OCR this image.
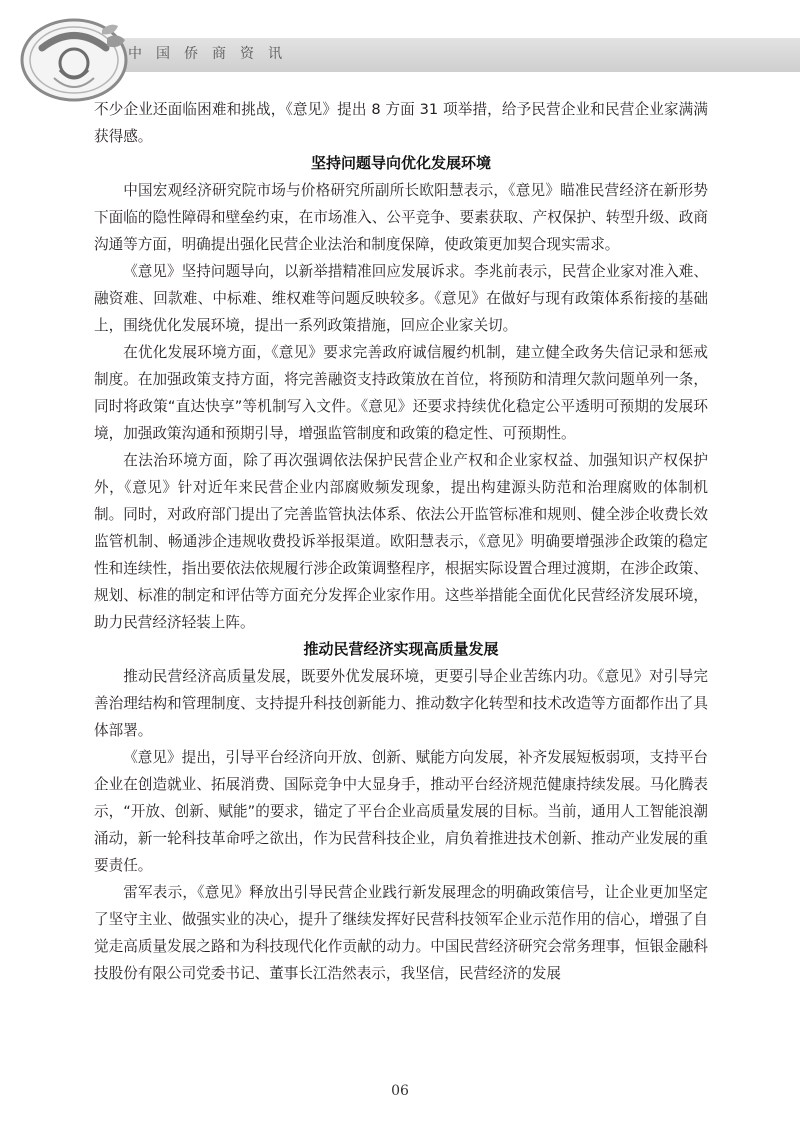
中国侨商资讯

不少企业还面临困难和挑战，《意见》提出 8 方面 31 项举措，给予民营企业和民营企业家满满获得感。

坚持问题导向优化发展环境

中国宏观经济研究院市场与价格研究所副所长欧阳慧表示，《意见》瞄准民营经济在新形势下面临的隐性障碍和壁垒约束，在市场准入、公平竞争、要素获取、产权保护、转型升级、政商沟通等方面，明确提出强化民营企业法治和制度保障，使政策更加契合现实需求。

《意见》坚持问题导向，以新举措精准回应发展诉求。李兆前表示，民营企业家对准入难、融资难、回款难、中标难、维权难等问题反映较多。《意见》在做好与现有政策体系衔接的基础上，围绕优化发展环境，提出一系列政策措施，回应企业家关切。

在优化发展环境方面，《意见》要求完善政府诚信履约机制，建立健全政务失信记录和惩戒制度。在加强政策支持方面，将完善融资支持政策放在首位，将预防和清理欠款问题单列一条，同时将政策“直达快享”等机制写入文件。《意见》还要求持续优化稳定公平透明可预期的发展环境，加强政策沟通和预期引导，增强监管制度和政策的稳定性、可预期性。

在法治环境方面，除了再次强调依法保护民营企业产权和企业家权益、加强知识产权保护外，《意见》针对近年来民营企业内部腐败频发现象，提出构建源头防范和治理腐败的体制机制。同时，对政府部门提出了完善监管执法体系、依法公开监管标准和规则、健全涉企收费长效监管机制、畅通涉企违规收费投诉举报渠道。欧阳慧表示，《意见》明确要增强涉企政策的稳定性和连续性，指出要依法依规履行涉企政策调整程序，根据实际设置合理过渡期，在涉企政策、规划、标准的制定和评估等方面充分发挥企业家作用。这些举措能全面优化民营经济发展环境，助力民营经济轻装上阵。

推动民营经济实现高质量发展

推动民营经济高质量发展，既要外优发展环境，更要引导企业苦练内功。《意见》对引导完善治理结构和管理制度、支持提升科技创新能力、推动数字化转型和技术改造等方面都作出了具体部署。

《意见》提出，引导平台经济向开放、创新、赋能方向发展，补齐发展短板弱项，支持平台企业在创造就业、拓展消费、国际竞争中大显身手，推动平台经济规范健康持续发展。马化腾表示，“开放、创新、赋能”的要求，锚定了平台企业高质量发展的目标。当前，通用人工智能浪潮涌动，新一轮科技革命呼之欲出，作为民营科技企业，肩负着推进技术创新、推动产业发展的重要责任。

雷军表示，《意见》释放出引导民营企业践行新发展理念的明确政策信号，让企业更加坚定了坚守主业、做强实业的决心，提升了继续发挥好民营科技领军企业示范作用的信心，增强了自觉走高质量发展之路和为科技现代化作贡献的动力。中国民营经济研究会常务理事，恒银金融科技股份有限公司党委书记、董事长江浩然表示，我坚信，民营经济的发展

06
